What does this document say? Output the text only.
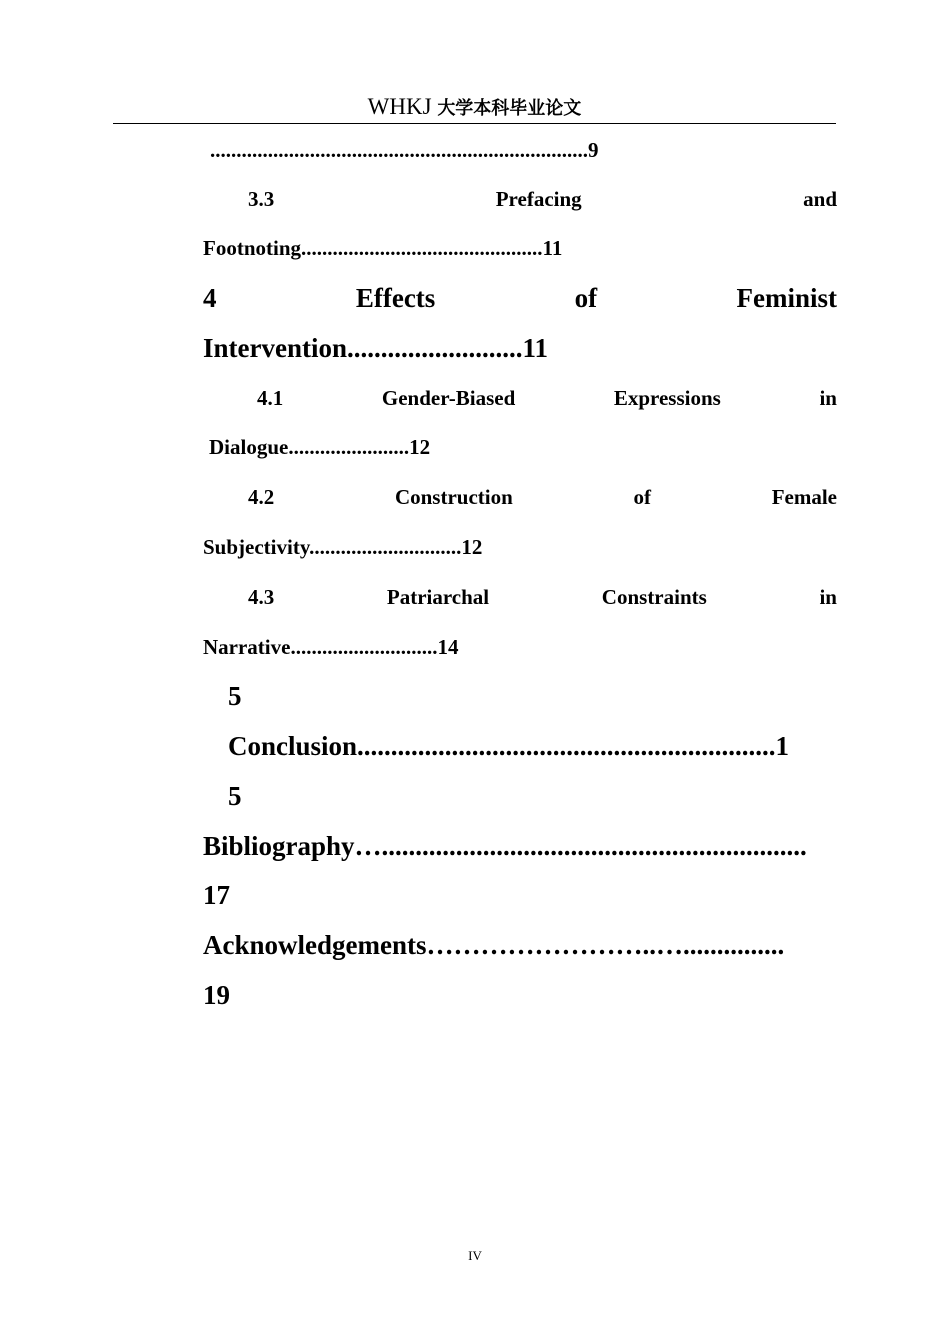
WHKJ 大学本科毕业论文
........................................................................9
3.3	Prefacing	and
Footnoting..............................................11
4	Effects	of	Feminist
Intervention..........................11
4.1	Gender-Biased	Expressions	in
Dialogue.......................12
4.2	Construction	of	Female
Subjectivity.............................12
4.3	Patriarchal	Constraints	in
Narrative............................14
5
Conclusion..............................................................1
5
Bibliography…...............................................................
17
Acknowledgements……………………..…...............
19
IV
